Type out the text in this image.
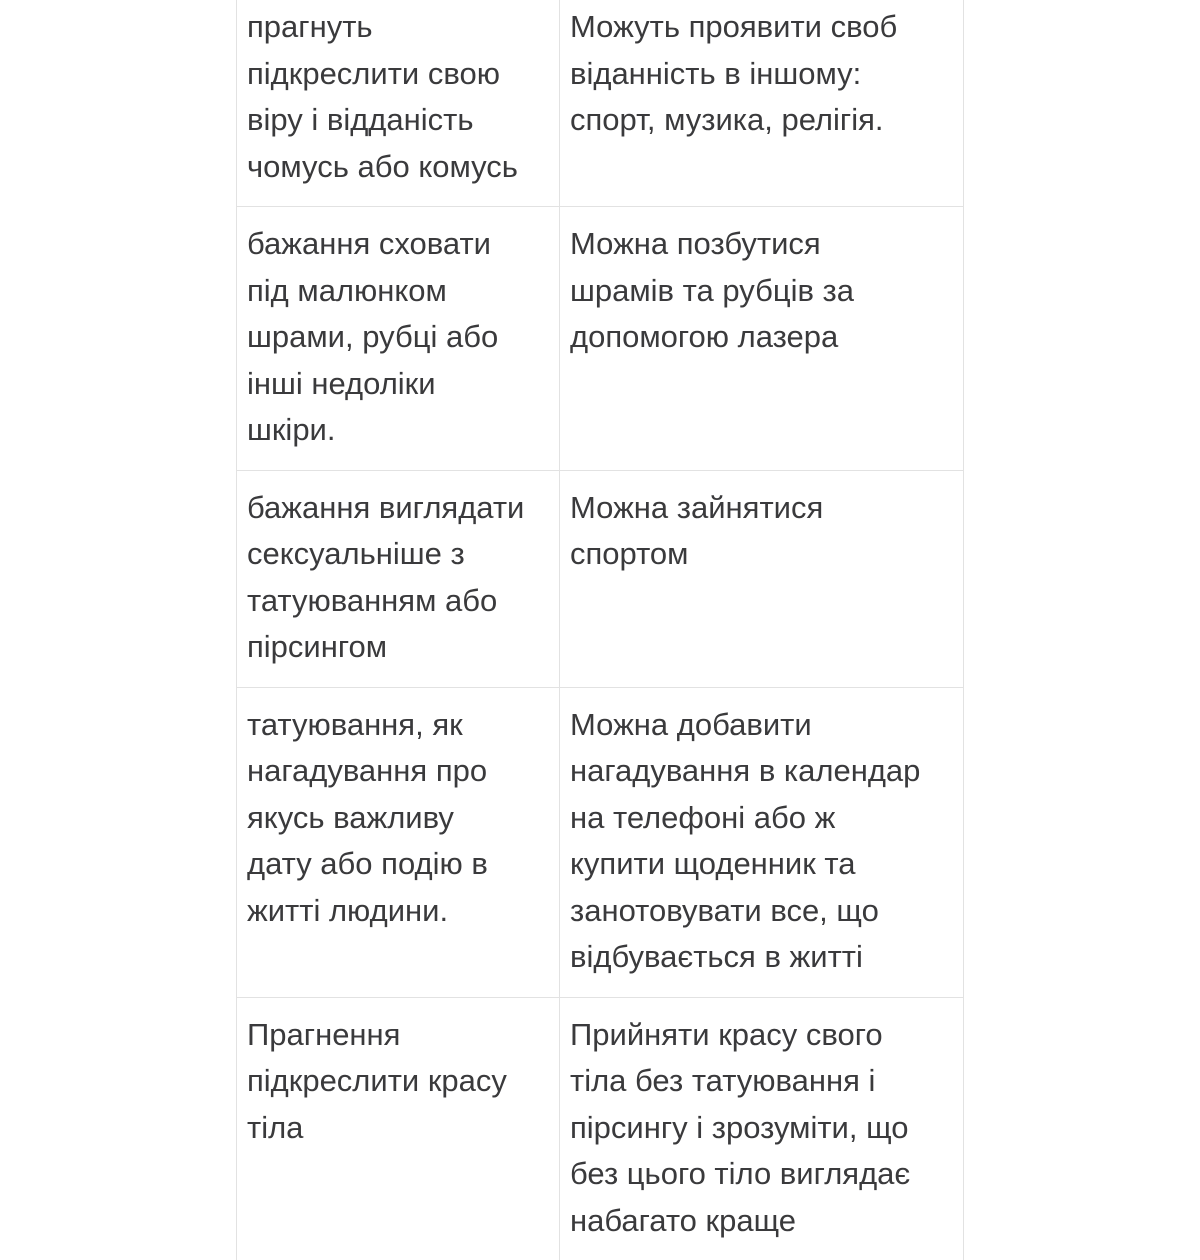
прагнуть
підкреслити свою
віру і відданість
чомусь або комусь
Можуть проявити своб
віданність в іншому:
спорт, музика, релігія.
бажання сховати
під малюнком
шрами, рубці або
інші недоліки
шкіри.
Можна позбутися
шрамів та рубців за
допомогою лазера
бажання виглядати
сексуальніше з
татуюванням або
пірсингом
Можна зайнятися
спортом
татуювання, як
нагадування про
якусь важливу
дату або подію в
житті людини.
Можна добавити
нагадування в календар
на телефоні або ж
купити щоденник та
занотовувати все, що
відбувається в житті
Прагнення
підкреслити красу
тіла
Прийняти красу свого
тіла без татуювання і
пірсингу і зрозуміти, що
без цього тіло виглядає
набагато краще
